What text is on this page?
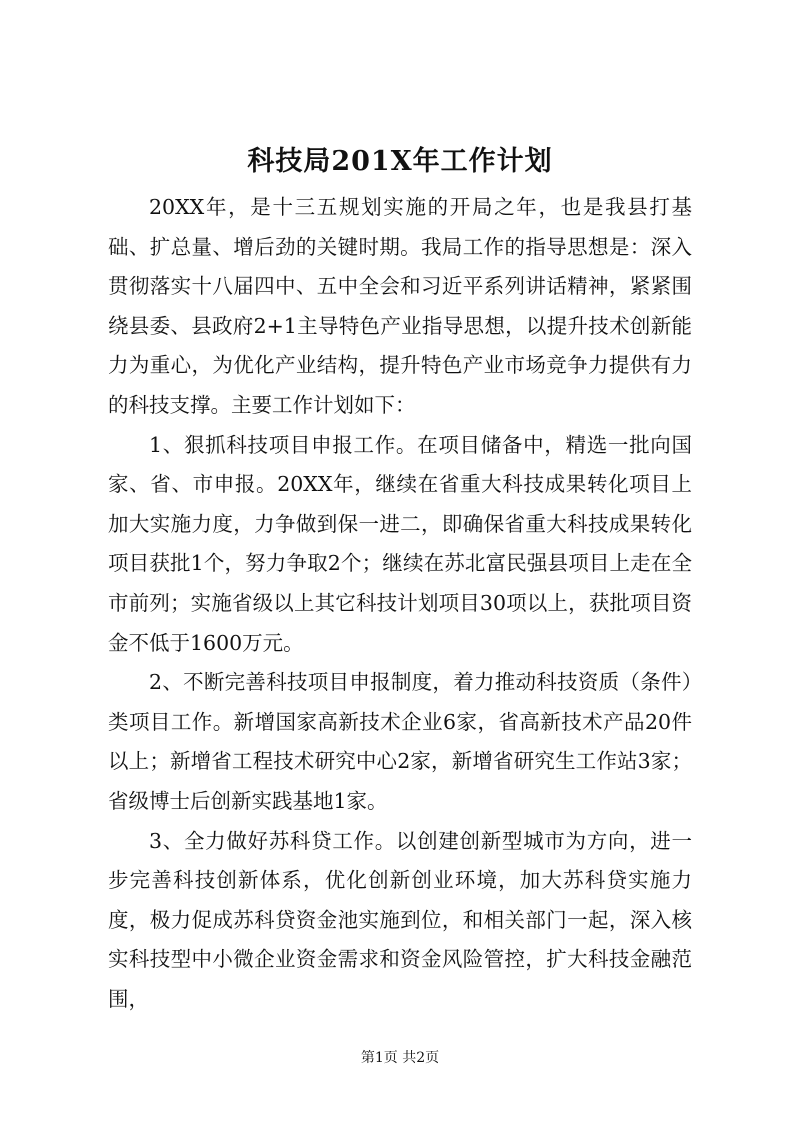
科技局201X年工作计划

20XX年，是十三五规划实施的开局之年，也是我县打基础、扩总量、增后劲的关键时期。我局工作的指导思想是：深入贯彻落实十八届四中、五中全会和习近平系列讲话精神，紧紧围绕县委、县政府2+1主导特色产业指导思想，以提升技术创新能力为重心，为优化产业结构，提升特色产业市场竞争力提供有力的科技支撑。主要工作计划如下：

1、狠抓科技项目申报工作。在项目储备中，精选一批向国家、省、市申报。20XX年，继续在省重大科技成果转化项目上加大实施力度，力争做到保一进二，即确保省重大科技成果转化项目获批1个，努力争取2个；继续在苏北富民强县项目上走在全市前列；实施省级以上其它科技计划项目30项以上，获批项目资金不低于1600万元。

2、不断完善科技项目申报制度，着力推动科技资质（条件）类项目工作。新增国家高新技术企业6家，省高新技术产品20件以上；新增省工程技术研究中心2家，新增省研究生工作站3家；省级博士后创新实践基地1家。

3、全力做好苏科贷工作。以创建创新型城市为方向，进一步完善科技创新体系，优化创新创业环境，加大苏科贷实施力度，极力促成苏科贷资金池实施到位，和相关部门一起，深入核实科技型中小微企业资金需求和资金风险管控，扩大科技金融范围，

第1页 共2页
